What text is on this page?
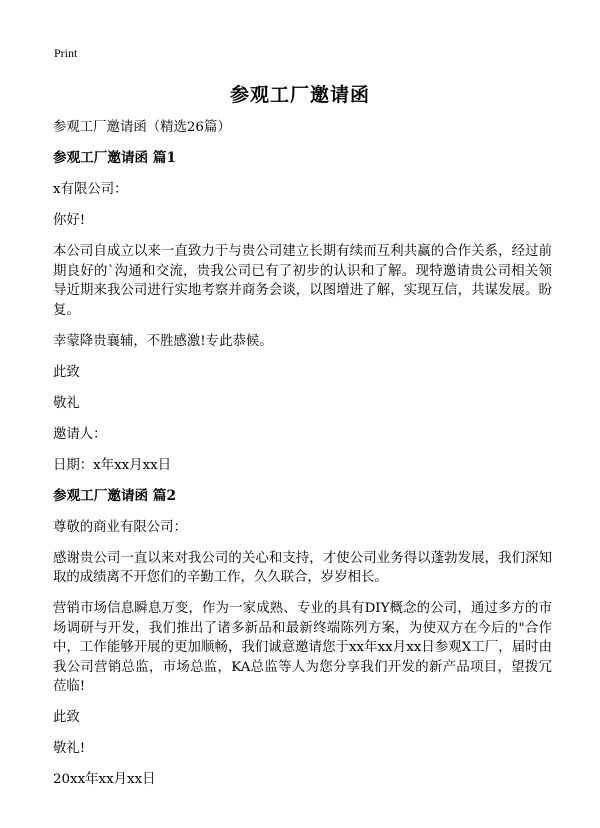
Print
参观工厂邀请函

参观工厂邀请函（精选26篇）

参观工厂邀请函 篇1

x有限公司：

你好!

本公司自成立以来一直致力于与贵公司建立长期有续而互利共赢的合作关系，经过前期良好的`沟通和交流，贵我公司已有了初步的认识和了解。现特邀请贵公司相关领导近期来我公司进行实地考察并商务会谈，以图增进了解，实现互信，共谋发展。盼复。

幸蒙降贵襄辅，不胜感激!专此恭候。

此致

敬礼

邀请人：

日期：x年xx月xx日

参观工厂邀请函 篇2

尊敬的商业有限公司：

感谢贵公司一直以来对我公司的关心和支持，才使公司业务得以蓬勃发展，我们深知取的成绩离不开您们的辛勤工作，久久联合，岁岁相长。

营销市场信息瞬息万变，作为一家成熟、专业的具有DIY概念的公司，通过多方的市场调研与开发，我们推出了诸多新品和最新终端陈列方案，为使双方在今后的"合作中，工作能够开展的更加顺畅，我们诚意邀请您于xx年xx月xx日参观X工厂，届时由我公司营销总监，市场总监，KA总监等人为您分享我们开发的新产品项目，望拨冗莅临!

此致

敬礼!

20xx年xx月xx日
